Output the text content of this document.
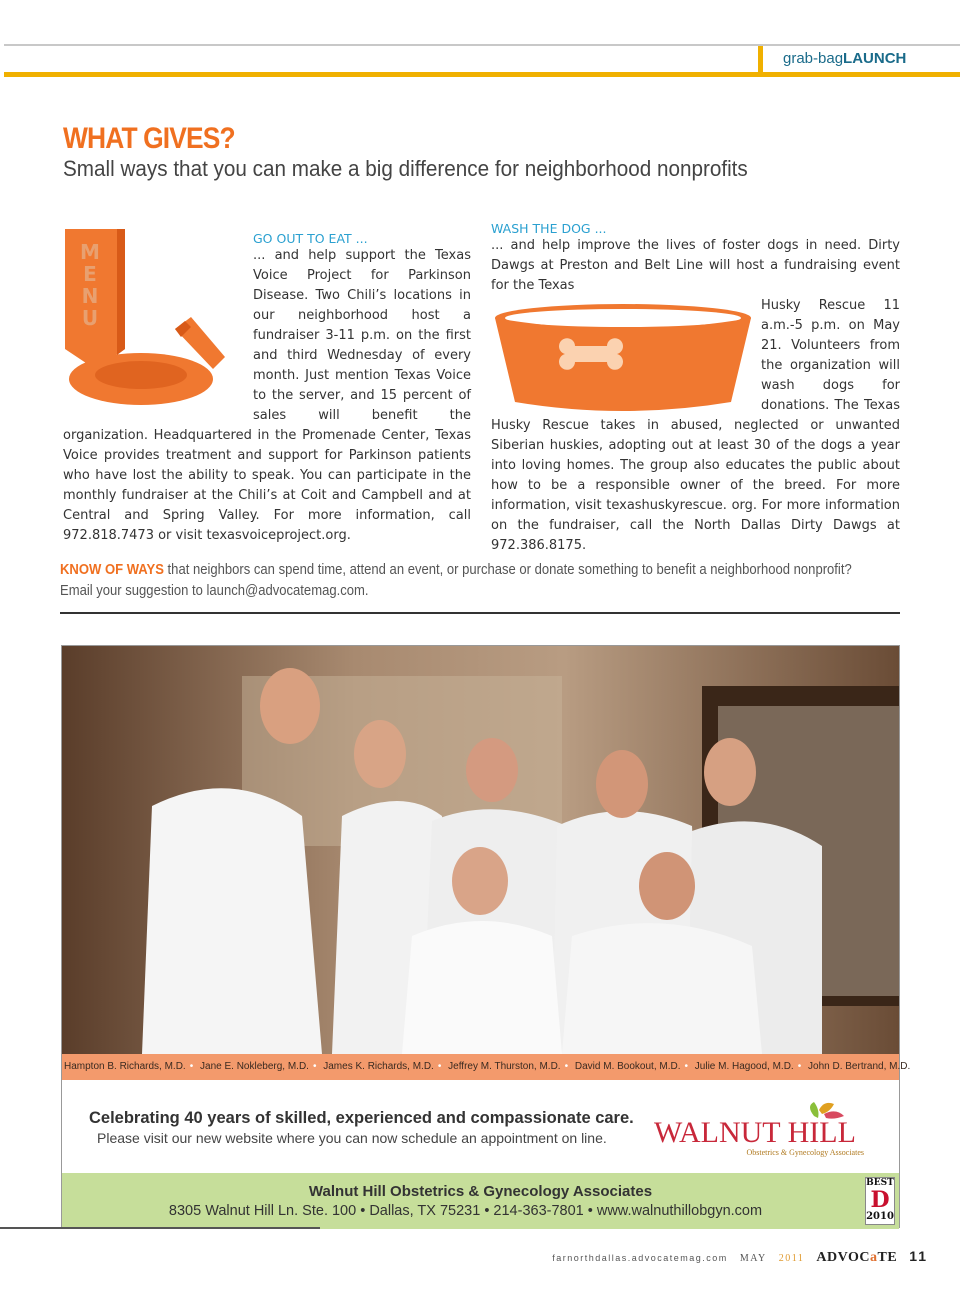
grab-bagLAUNCH
WHAT GIVES?
Small ways that you can make a big difference for neighborhood nonprofits
M
E
N
U
GO OUT TO EAT ...
... and help support the Texas Voice Project for Parkinson Disease. Two Chili’s locations in our neighborhood host a fundraiser 3-11 p.m. on the first and third Wednesday of every month. Just mention Texas Voice to the server, and 15 percent of sales will benefit the organization. Headquartered in the Promenade Center, Texas Voice provides treatment and support for Parkinson patients who have lost the ability to speak. You can participate in the monthly fundraiser at the Chili’s at Coit and Campbell and at Central and Spring Valley. For more information, call 972.818.7473 or visit texasvoiceproject.org.
WASH THE DOG ...
... and help improve the lives of foster dogs in need. Dirty Dawgs at Preston and Belt Line will host a fundraising event for the Texas
Husky Rescue 11 a.m.-5 p.m. on May 21. Volunteers from the organization will wash dogs for donations. The Texas Husky Rescue takes in abused, neglected or unwanted Siberian huskies, adopting out at least 30 of the dogs a year into loving homes. The group also educates the public about how to be a responsible owner of the breed. For more information, visit texashuskyrescue. org. For more information on the fundraiser, call the North Dallas Dirty Dawgs at 972.386.8175.
KNOW OF WAYS that neighbors can spend time, attend an event, or purchase or donate something to benefit a neighborhood nonprofit?
Email your suggestion to launch@advocatemag.com.
Hampton B. Richards, M.D. • Jane E. Nokleberg, M.D. • James K. Richards, M.D. • Jeffrey M. Thurston, M.D. • David M. Bookout, M.D. • Julie M. Hagood, M.D. • John D. Bertrand, M.D.
Celebrating 40 years of skilled, experienced and compassionate care.
Please visit our new website where you can now schedule an appointment on line. WALNUT HILL
Obstetrics & Gynecology Associates
Walnut Hill Obstetrics & Gynecology Associates
8305 Walnut Hill Ln. Ste. 100 • Dallas, TX 75231 • 214-363-7801 • www.walnuthillobgyn.com
BEST
D
2010
farnorthdallas.advocatemag.com MAY 2011 ADVOCaTE 11
